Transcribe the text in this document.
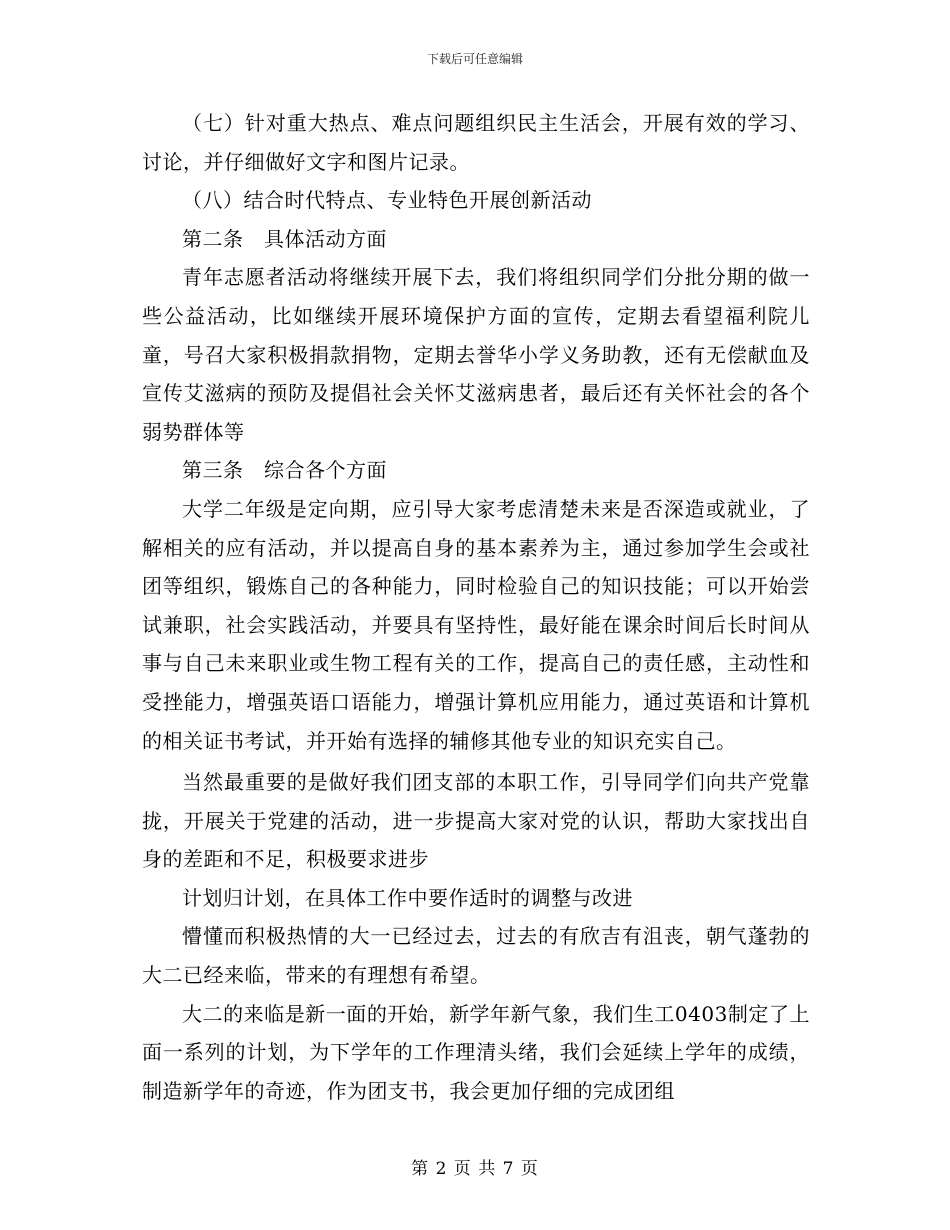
下载后可任意编辑

（七）针对重大热点、难点问题组织民主生活会，开展有效的学习、讨论，并仔细做好文字和图片记录。

（八）结合时代特点、专业特色开展创新活动

第二条　具体活动方面

青年志愿者活动将继续开展下去，我们将组织同学们分批分期的做一些公益活动，比如继续开展环境保护方面的宣传，定期去看望福利院儿童，号召大家积极捐款捐物，定期去誉华小学义务助教，还有无偿献血及宣传艾滋病的预防及提倡社会关怀艾滋病患者，最后还有关怀社会的各个弱势群体等

第三条　综合各个方面

大学二年级是定向期，应引导大家考虑清楚未来是否深造或就业，了解相关的应有活动，并以提高自身的基本素养为主，通过参加学生会或社团等组织，锻炼自己的各种能力，同时检验自己的知识技能；可以开始尝试兼职，社会实践活动，并要具有坚持性，最好能在课余时间后长时间从事与自己未来职业或生物工程有关的工作，提高自己的责任感，主动性和受挫能力，增强英语口语能力，增强计算机应用能力，通过英语和计算机的相关证书考试，并开始有选择的辅修其他专业的知识充实自己。

当然最重要的是做好我们团支部的本职工作，引导同学们向共产党靠拢，开展关于党建的活动，进一步提高大家对党的认识，帮助大家找出自身的差距和不足，积极要求进步

计划归计划，在具体工作中要作适时的调整与改进

懵懂而积极热情的大一已经过去，过去的有欣吉有沮丧，朝气蓬勃的大二已经来临，带来的有理想有希望。

大二的来临是新一面的开始，新学年新气象，我们生工0403制定了上面一系列的计划，为下学年的工作理清头绪，我们会延续上学年的成绩，制造新学年的奇迹，作为团支书，我会更加仔细的完成团组

第 2 页 共 7 页
